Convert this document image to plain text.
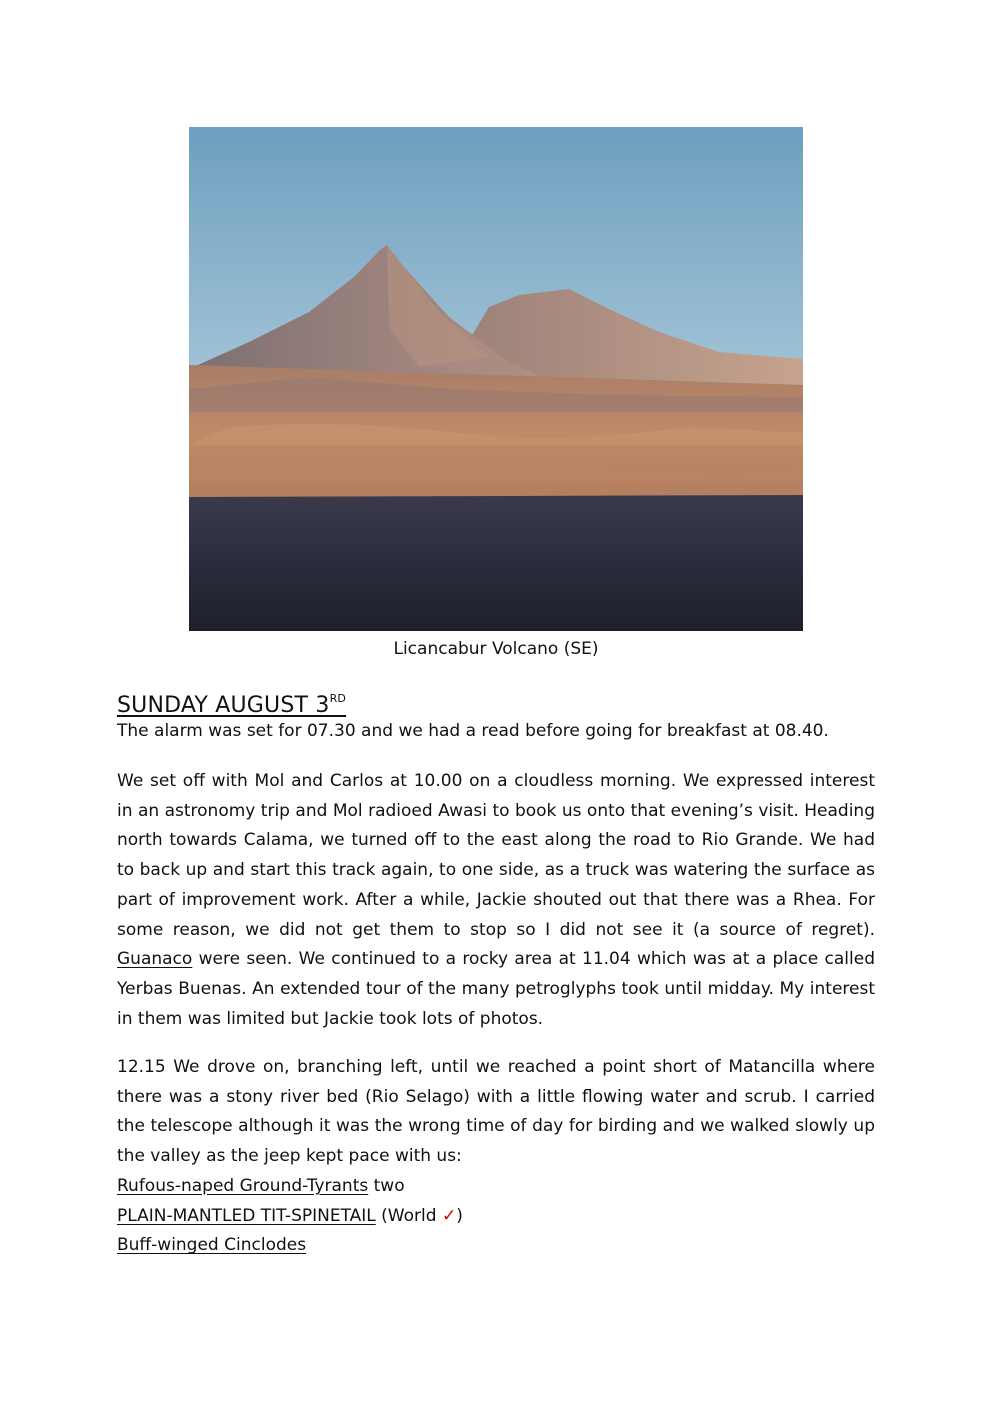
Licancabur Volcano (SE)
SUNDAY AUGUST 3RD
The alarm was set for 07.30 and we had a read before going for breakfast at 08.40.
We set off with Mol and Carlos at 10.00 on a cloudless morning. We expressed interest in an astronomy trip and Mol radioed Awasi to book us onto that evening’s visit. Heading north towards Calama, we turned off to the east along the road to Rio Grande. We had to back up and start this track again, to one side, as a truck was watering the surface as part of improvement work. After a while, Jackie shouted out that there was a Rhea. For some reason, we did not get them to stop so I did not see it (a source of regret). Guanaco were seen. We continued to a rocky area at 11.04 which was at a place called Yerbas Buenas. An extended tour of the many petroglyphs took until midday. My interest in them was limited but Jackie took lots of photos.
12.15 We drove on, branching left, until we reached a point short of Matancilla where there was a stony river bed (Rio Selago) with a little flowing water and scrub. I carried the telescope although it was the wrong time of day for birding and we walked slowly up the valley as the jeep kept pace with us:
Rufous-naped Ground-Tyrants two
PLAIN-MANTLED TIT-SPINETAIL (World ✓)
Buff-winged Cinclodes
